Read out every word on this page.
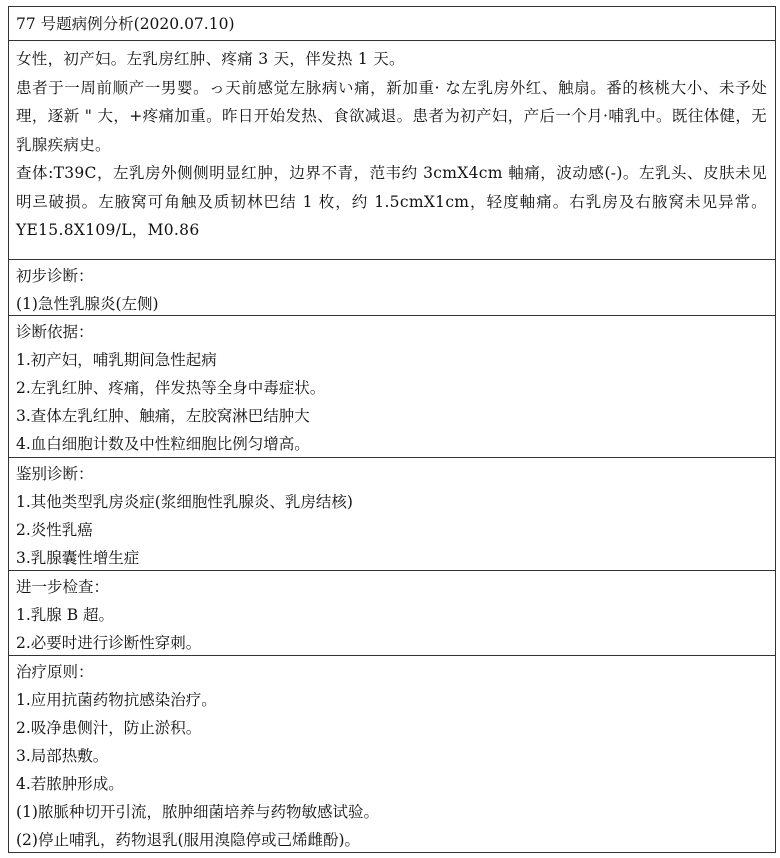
77 号题病例分析(2020.07.10)
女性，初产妇。左乳房红肿、疼痛 3 天，伴发热 1 天。
患者于一周前顺产一男婴。っ天前感觉左脉病い痛，新加重· な左乳房外红、触扇。番的核桃大小、未予处理，逐新 " 大，+疼痛加重。昨日开始发热、食欲减退。患者为初产妇，产后一个月·哺乳中。既往体健，无乳腺疾病史。
查体:T39C，左乳房外侧侧明显红肿，边界不青，范韦约 3cmX4cm 軸痛，波动感(-)。左乳头、皮肤未见明르破损。左腋窝可角触及质韧林巴结 1 枚，约 1.5cmX1cm，轻度軸痛。右乳房及右腋窝未见异常。YE15.8X109/L，M0.86
初步诊断：
(1)急性乳腺炎(左侧)
诊断依据：
1.初产妇，哺乳期间急性起病
2.左乳红肿、疼痛，伴发热等全身中毒症状。
3.查体左乳红肿、触痛，左胶窝淋巴结肿大
4.血白细胞计数及中性粒细胞比例匀增高。
鉴别诊断：
1.其他类型乳房炎症(浆细胞性乳腺炎、乳房结核)
2.炎性乳癌
3.乳腺囊性增生症
进一步检查：
1.乳腺 B 超。
2.必要时进行诊断性穿刺。
治疗原则：
1.应用抗菌药物抗感染治疗。
2.吸净患侧汁，防止淤积。
3.局部热敷。
4.若脓肿形成。
(1)脓脈种切开引流，脓肿细菌培养与药物敏感试验。
(2)停止哺乳，药物退乳(服用溴隐停或己烯雌酚)。
